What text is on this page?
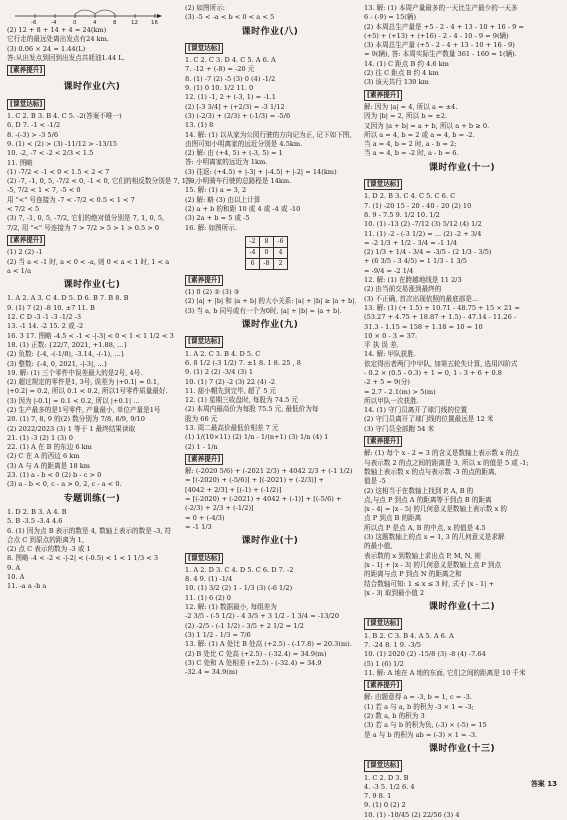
-6	-4	0	4	8	12 16
(2) 12 + 8 + 14 + 4 = 24(km)
它行走的最远处离出发点有24 km.
(3) 0.06 × 24 = 1.44(L)
答:从出发点到回到出发点共耗油1.44 L.
[素养提升]
课时作业(六)
[课堂达标]
1. C 2. B 3. B 4. C 5. -2(答案不唯一)
6. D 7. -1 < -1/2
8. -(-3) > -3 5/6
9. (1) < (2) > (3) -11/12 > -13/15
10. -2, -7 < -2 < 2/3 < 1.5
11. 图略
(1) -7/2 < -1 < 0 < 1.5 < 2 < 7
(2) -7, -1, 0, 5, -7/2 < 0, -1 < 0, 它们的相反数分别是 7, 1, 0,
-5, 7/2 < 1 < 7, -5 < 0
用 "<" 号连接为 -7 < -7/2 < 0.5 < 1 < 7
< 7/2 < 5
(3) 7, -1, 0, 5, -7/2, 它们的绝对值分别是 7, 1, 0, 5,
7/2, 用 "<" 号连接为 7 > 7/2 > 5 > 1 > 0.5 > 0
[素养提升]
(1) 2 (2) -1
(2) 当 a < -1 时, a < 0 < -a, 则 0 < a < 1 时, 1 < a
a < 1/a
课时作业(七)
1. A 2. A 3. C 4. D 5. D 6. B 7. B 8. B
9. (1) 7 (2) -8 10. ±7 11. B
12. C D -3 -1 -3 -1/2 -3
13. -1 14. -2 15. 2 或 -2
16. 3 17. 图略 -4.5 < -1 < -|-3| < 0 < 1 < 1 1/2 < 3
18. (1) 正数: {22/7, 2021, +1.88, ...}
(2) 负数: {-4, -(-1/8), -3.14, -(-1), ...}
(3) 整数: {-4, 0, 2021, -|-3|, ...}
19. 解: (1) 三个零件中误差最大的是2号, 4号.
(2) 超过规定的零件是1, 3号, 误差为 |+0.1| = 0.1,
|+0.2| = 0.2, 所以 0.1 < 0.2, 所以1号零件质量最好.
(3) 因为 |-0.1| = 0.1 < 0.2, 所以 |+0.1| ...
(2) 生产最多的是1号零件, 产量最小, 单位产量是1号
20. (1) 7, 8, 9 的(2) 数分别为 7/8, 8/9, 9/10
(2) 2022/2023 (3) 1 等于 1 最终结果读取
21. (1) -3 (2) 1 (3) 0
22. (1) A 在 B 的东边 6 km
(2) C 在 A 的西边 6 km
(3) A 与 A 的距离是 18 km
23. (1) a - b < 0 (2) b - c > 0
(3) a - b < 0, c - a > 0, 2, c - a < 0.
专题训练(一)
1. D 2. B 3. A 4. B
5. B -3.5 -3.4 4.6
6. (1) 因为点 B 表示的数是 4, 数轴上表示的数是 -3, 符
合点 C 到原点的距离为 1,
(2) 点 C 表示的数为 -3 或 1
8. 图略 -4 < -2 < -|-2| < (-0.5) < 1 < 1 1/3 < 3
9. A
10. A
11. -a a -b a
(2) 如图所示:
(3) -5 < -a < b < 0 < a < 5
课时作业(八)
[课堂达标]
1. C 2. C 3. D 4. C 5. A 6. A
7. -12 + (-8) = -20 元
8. (1) -7 (2) -5 (3) 0 (4) -1/2
9. (1) 0 10. 1/2 11. 0
12. (1) -1, 2 + (-3, 1) = -1.1
(2) [-3 3/4] + (+2/3) = -3 1/12
(3) (-2/3) + (2/3) + (-1/3) = -5/6
13. (1) 8
14. 解: (1) 以从家为公园行驶的方向记为正, 记下如下图,
由图可知小明离家的远近分别是 4.5km.
(2) 解: 由 (+4, 5) + (-3, 5) = 1
答: 小明离家的远近为 1km.
(3) 往返: (+4.5) + |-3| + |-4.5| + |-2| = 14(km)
答: 小明骑车行驶的总路程是 14km.
15. 解: (1) a = 3, 2
(2) 解: 略 (3) 由以上计算
(2) a + b 的和距 10 或 4 或 -4 或 -10
(3) 2a + b = 5 或 -5
16. 解: 如图所示.
-2	8	-6
-4	0	4
6	-8	2
[素养提升]
(1) 0 (2) ② (3) ③
(2) |a| + |b| 和 |a + b| 的大小关系: |a| + |b| ≥ |a + b|.
(3) 当 a, b 同号或有一个为0时, |a| + |b| = |a + b|.
课时作业(九)
[课堂达标]
1. A 2. C 3. B 4. D 5. C
6. 8 1/2 (-3 1/2) 7. ±1 8. 1 8. 25 , 8
9. (1) 2 (2) -3/4 (3) 1
10. (1) 7 (2) -2 (3) 22 (4) -2
11. 甜小帽先到完毕, 超了 5 元
12. (1) 星期三收盘时, 每股为 74.5 元
(2) 本周内最高价为每股 75.5 元, 最低价为每
股为 66 元
13. 周二最高价最低价相差 7 元
(1) 1/(10×11) (2) 1/n - 1/(n+1) (3) 1/n (4) 1
(2) 1 - 1/n
[素养提升]
解: (-2020 5/6) + (-2021 2/3) + 4042 2/3 + (-1 1/2)
= [(-2020) + (-5/6)] + [(-2021) + (-2/3)] +
[4042 + 2/3] + [(-1) + (-1/2)]
= [(-2020) + (-2021) + 4042 + (-1)] + [(-5/6) +
(-2/3) + 2/3 + (-1/2)]
= 0 + (-4/3)
= -1 1/3
课时作业(十)
[课堂达标]
1. A 2. D 3. C 4. D 5. C 6. D 7. -2
8. 4 9. (1) -1/4
10. (1) 3/2 (2) 1 - 1/3 (3) (-6 1/2)
11. (1) 6 (2) 0
12. 解: (1) 数据最小, 每组差为
-2 3/5 - (-5 1/2) - 4 3/5 + 3 1/2 - 1 3/4 = -13/20
(2) -2/5 - (-1 1/2) - 3/5 + 2 1/2 = 1/2
(3) 1 1/2 - 1/3 = 7/6
13. 解: (1) A 处比 B 处高 (+2.5) - (-17.8) = 20.3(m).
(2) B 处比 C 处高 (+2.5) - (-32.4) = 34.9(m)
(3) C 处和 A 处相差 (+2.5) - (-32.4) = 34.9
-32.4 = 34.9(m)
13. 解: (1) 本周产量最多的一天比生产最少的一天多
6 - (-9) = 15(辆)
(2) 本周总生产量是 +5 - 2 - 4 + 13 - 10 + 16 - 9 =
(+5) + (+13) + (+16) - 2 - 4 - 10 - 9 = 9(辆)
(3) 本周总生产量 (+5 - 2 - 4 + 13 - 10 + 16 - 9)
= 9(辆), 答: 本周实际生产数量 361 - 160 = 1(辆).
14. (1) C 距点 B 约 4.6 km
(2) 往 C 距点 B 约 4 km
(3) 该天共行 130 km
[素养提升]
解: 因为 |a| = 4, 所以 a = ±4.
因为 |b| = 2, 所以 b = ±2.
又因为 |a + b| = a + b, 所以 a + b ≥ 0.
所以 a = 4, b = 2 或 a = 4, b = -2.
当 a = 4, b = 2 时, a - b = 2;
当 a = 4, b = -2 时, a - b = 6.
课时作业(十一)
[课堂达标]
1. D 2. B 3. C 4. C 5. C 6. C
7. (1) -20 15 - 20 - 40 - 20 (2) 10
8. 9 - 7.5 9. 1/2 10. 1/2
10. (1) -13 (2) -7/12 (3) 5/12 (4) 1/2
11. (1) -2 - (-3 1/2) = ... (2) -2 + 3/4
= -2 1/3 + 1/2 - 3/4 = -1 1/4
(2) 1/3 + 1/4 - 3/4 = -3/5 - (2 1/3 - 3/5)
+ (6 3/5 - 3 4/5) = 1 1/3 - 1 3/5
= -9/4 = -2 1/4
12. 解: (1) 在跨越地线是 11 2/3
(2) 由当前交易涨到最终的
(3) 不正确, 首次出现依照的最底部是...
13. 解: (1) (+ 1.5) + 10.71 - 48.75 + 15 × 21 =
(53.27 + 4.75 + 18.87 + 1.5) - 47.14 - 11.26 -
31.3 - 1.15 = 158 + 1.18 = 10 = 10
10 × 0 - 3 = 37.
平 执 误 差.
14. 解: 甲队获胜.
依定得出者两门中甲队, 加第五轮失计算, 选用四阶式
- 0.2 × (0.5 - 0.3) + 1 = 0, 1 - 3 + 6 + 0.8
-2 + 5 = 9(分)
= 2.7 - 2.1(m) > 5(m)
所以甲队一次获胜.
14. (1) 守门员离开了球门线的位置
(2) 守门员离开了球门线的位置最远是 12 米
(3) 守门员全部跑 54 米
[素养提升]
解: (1) 每个 x - 2 = 3 的含义是数轴上表示数 x 的点
与表示数 2 的点之间的距离是 3, 所以 x 的值是 5 或 -1;
数轴上表示数 x 的点与表示数 -3 的点的距离,
值是 -5
(2) 这相当于在数轴上找到 P, A, B 的
点,与点 P 到点 A 的距离等于到点 B 的距离
|x - 4| = |x - 5| 的几何意义是数轴上表示数 x 的
点 P 到点 B 的距离
所以点 P 是点 A, B 的中点, x 的值是 4.5
(3) 这题数轴上的点 x = 1, 3 的几何意义是求解
的最小值,
表示数的 x 到数轴上求出点 P, M, N, 则
|x - 1| + |x - 3| 的几何意义是数轴上点 P 到点
的距离与点 P 到点 N 的距离之和
结合数轴可知: 1 ≤ x ≤ 3 时, 式子 |x - 1| +
|x - 3| 取到最小值 2
课时作业(十二)
[课堂达标]
1. B 2. C 3. B 4. A 5. A 6. A
7. -24 8. 1 9. -3/5
10. (1) 2020 (2) -15/8 (3) -8 (4) -7.64
(5) 1 (6) 1/2
11. 解: A 地在 A 地的东面, 它们之间的距离是 10 千米
[素养提升]
解: 由题意得 a = -3, b = 1, c = -3.
(1) 若 a 与 a, b 的积为 -3 × 1 = -3;
(2) 数 a, b 的积为 3
(3) 若 a 与 b 的积为负, (-3) × (-5) = 15
是 a 与 b 的积为 ab = (-3) × 1 = -3.
课时作业(十三)
[课堂达标]
1. C 2. D 3. B
4. -3 5. 1/2 6. 4
7. 9 8. 1
9. (1) 0 (2) 2
10. (1) -10/45 (2) 22/56 (3) 4
答案 13
